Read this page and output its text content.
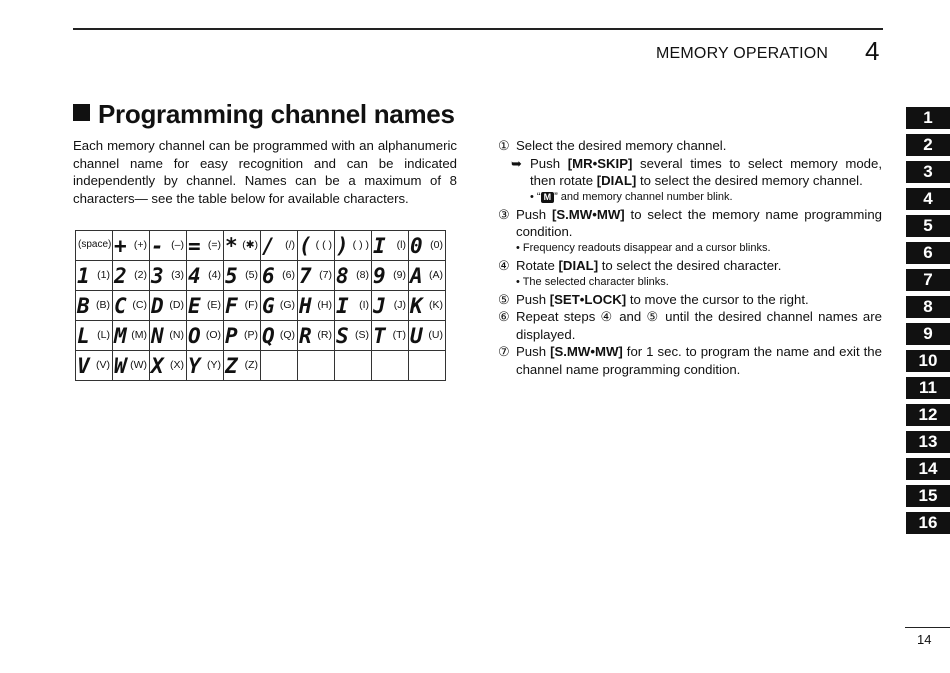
MEMORY OPERATION 4
Programming channel names
Each memory channel can be programmed with an alphanumeric channel name for easy recognition and can be indicated independently by channel. Names can be a maximum of 8 characters— see the table below for available characters.
(space)	+ (+)	- (–)	= (=)	* (✱)	/ (/)	( ( ( )	) ( ) )	I (l)	0 (0)

1 (1)	2 (2)	3 (3)	4 (4)	5 (5)	6 (6)	7 (7)	8 (8)	9 (9)	A (A)

B (B)	C (C)	D (D)	E (E)	F (F)	G (G)	H (H)	I (I)	J (J)	K (K)

L (L)	M (M)	N (N)	O (O)	P (P)	Q (Q)	R (R)	S (S)	T (T)	U (U)

V (V)	W (W)	X (X)	Y (Y)	Z (Z)					

① Select the desired memory channel.
➥ Push [MR•SKIP] several times to select memory mode, then rotate [DIAL] to select the desired memory channel.
• “ M ” and memory channel number blink.
③ Push [S.MW•MW] to select the memory name programming condition.
• Frequency readouts disappear and a cursor blinks.
④ Rotate [DIAL] to select the desired character.
• The selected character blinks.
⑤ Push [SET•LOCK] to move the cursor to the right.
⑥ Repeat steps ④ and ⑤ until the desired channel names are displayed.
⑦ Push [S.MW•MW] for 1 sec. to program the name and exit the channel name programming condition.
1
2
3
4
5
6
7
8
9
10
11
12
13
14
15
16
14
